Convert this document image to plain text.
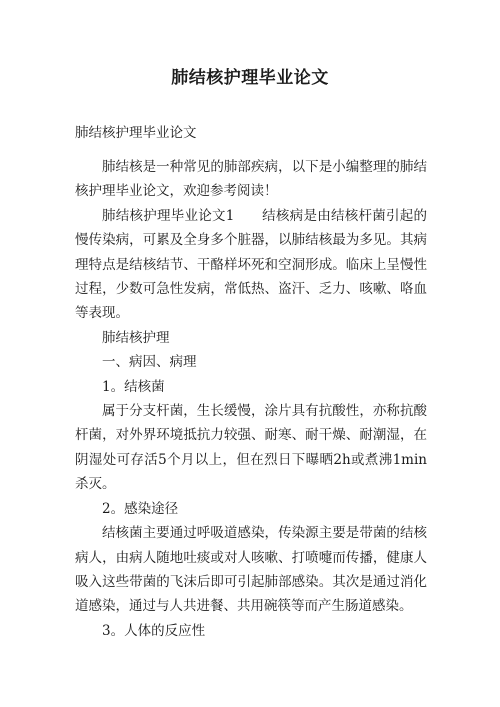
肺结核护理毕业论文
肺结核护理毕业论文

肺结核是一种常见的肺部疾病，以下是小编整理的肺结核护理毕业论文，欢迎参考阅读！

肺结核护理毕业论文1　　结核病是由结核杆菌引起的慢传染病，可累及全身多个脏器，以肺结核最为多见。其病理特点是结核结节、干酪样坏死和空洞形成。临床上呈慢性过程，少数可急性发病，常低热、盗汗、乏力、咳嗽、咯血等表现。

肺结核护理

一、病因、病理

1。结核菌

属于分支杆菌，生长缓慢，涂片具有抗酸性，亦称抗酸杆菌，对外界环境抵抗力较强、耐寒、耐干燥、耐潮湿，在阴湿处可存活5个月以上，但在烈日下曝晒2h或煮沸1min杀灭。

2。感染途径

结核菌主要通过呼吸道感染，传染源主要是带菌的结核病人，由病人随地吐痰或对人咳嗽、打喷嚏而传播，健康人吸入这些带菌的飞沫后即可引起肺部感染。其次是通过消化道感染，通过与人共进餐、共用碗筷等而产生肠道感染。

3。人体的反应性
